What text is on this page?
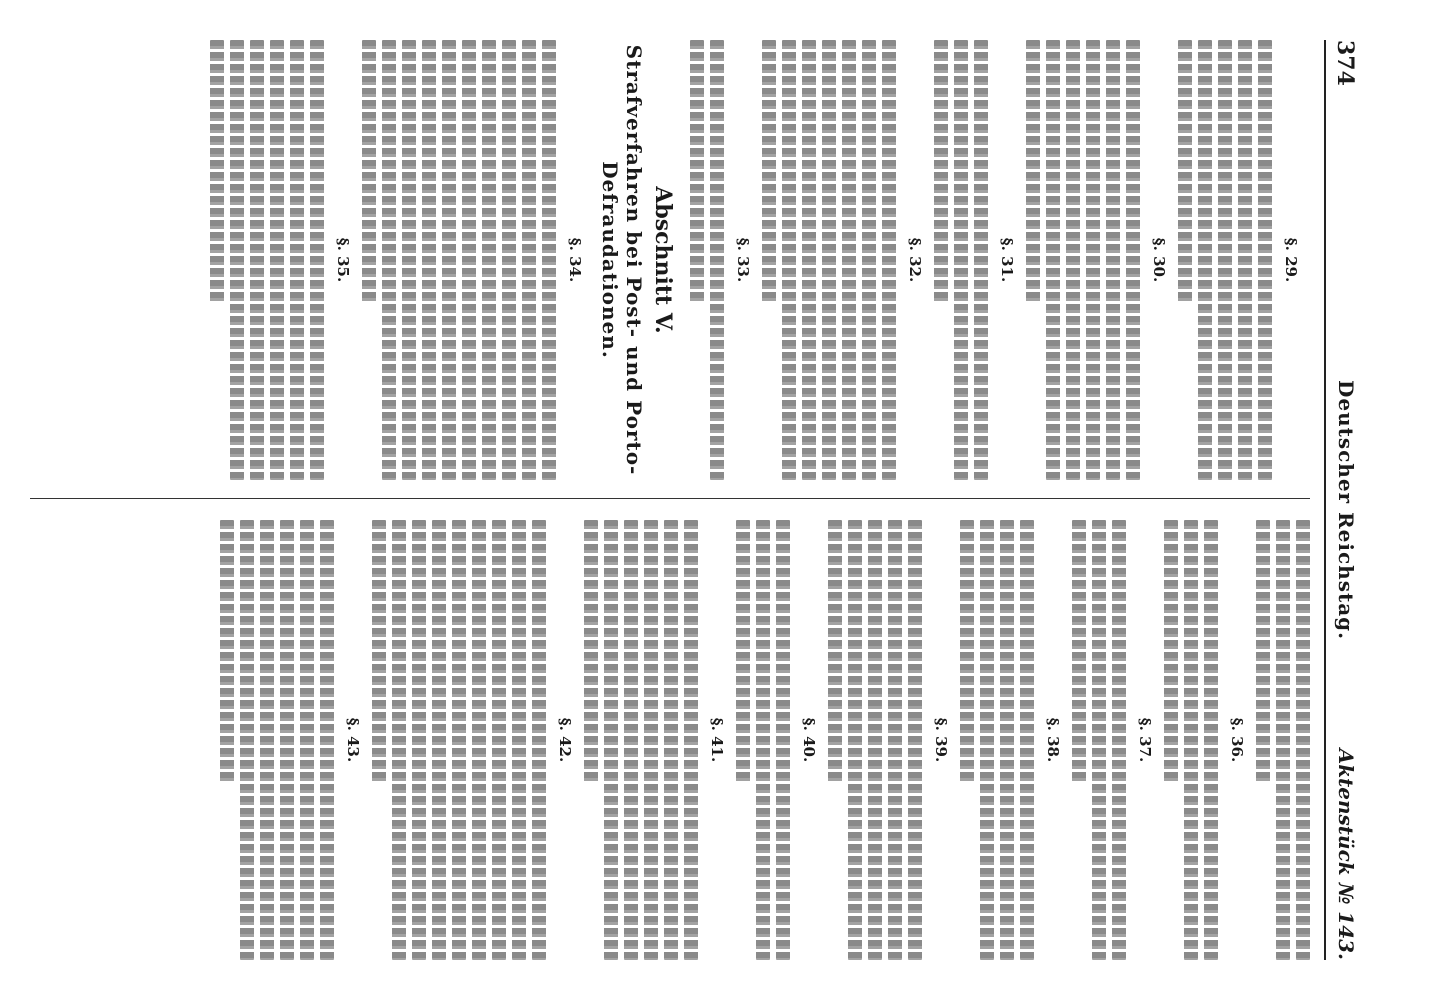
374
Deutscher Reichstag.
Aktenstück № 143.
§. 29.
§. 30.
§. 31.
§. 32.
§. 33.
Abschnitt V.
Strafverfahren bei Post- und Porto-Defraudationen.
§. 34.
§. 35.
§. 36.
§. 37.
§. 38.
§. 39.
§. 40.
§. 41.
§. 42.
§. 43.
